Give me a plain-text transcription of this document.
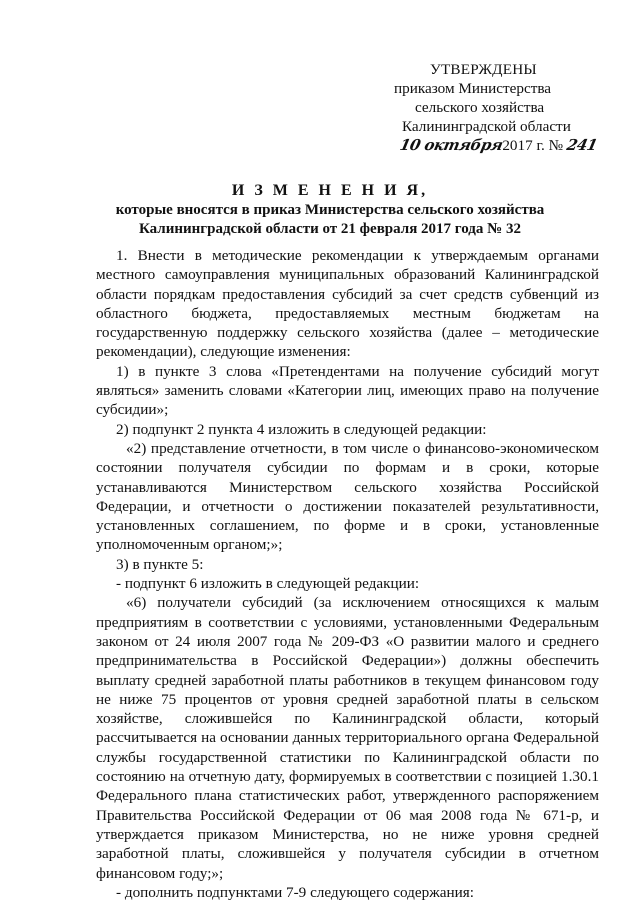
УТВЕРЖДЕНЫ
приказом Министерства
сельского хозяйства
Калининградской области
10 октября2017 г. № 241
И З М Е Н Е Н И Я,
которые вносятся в приказ Министерства сельского хозяйства
Калининградской области от 21 февраля 2017 года № 32

1. Внести в методические рекомендации к утверждаемым органами местного самоуправления муниципальных образований Калининградской области порядкам предоставления субсидий за счет средств субвенций из областного бюджета, предоставляемых местным бюджетам на государственную поддержку сельского хозяйства (далее – методические рекомендации), следующие изменения:

1) в пункте 3 слова «Претендентами на получение субсидий могут являться» заменить словами «Категории лиц, имеющих право на получение субсидии»;

2) подпункт 2 пункта 4 изложить в следующей редакции:

«2) представление отчетности, в том числе о финансово-экономическом состоянии получателя субсидии по формам и в сроки, которые устанавливаются Министерством сельского хозяйства Российской Федерации, и отчетности о достижении показателей результативности, установленных соглашением, по форме и в сроки, установленные уполномоченным органом;»;

3) в пункте 5:

- подпункт 6 изложить в следующей редакции:

«6) получатели субсидий (за исключением относящихся к малым предприятиям в соответствии с условиями, установленными Федеральным законом от 24 июля 2007 года № 209-ФЗ «О развитии малого и среднего предпринимательства в Российской Федерации») должны обеспечить выплату средней заработной платы работников в текущем финансовом году не ниже 75 процентов от уровня средней заработной платы в сельском хозяйстве, сложившейся по Калининградской области, который рассчитывается на основании данных территориального органа Федеральной службы государственной статистики по Калининградской области по состоянию на отчетную дату, формируемых в соответствии с позицией 1.30.1 Федерального плана статистических работ, утвержденного распоряжением Правительства Российской Федерации от 06 мая 2008 года № 671-р, и утверждается приказом Министерства, но не ниже уровня средней заработной платы, сложившейся у получателя субсидии в отчетном финансовом году;»;

- дополнить подпунктами 7-9 следующего содержания:
